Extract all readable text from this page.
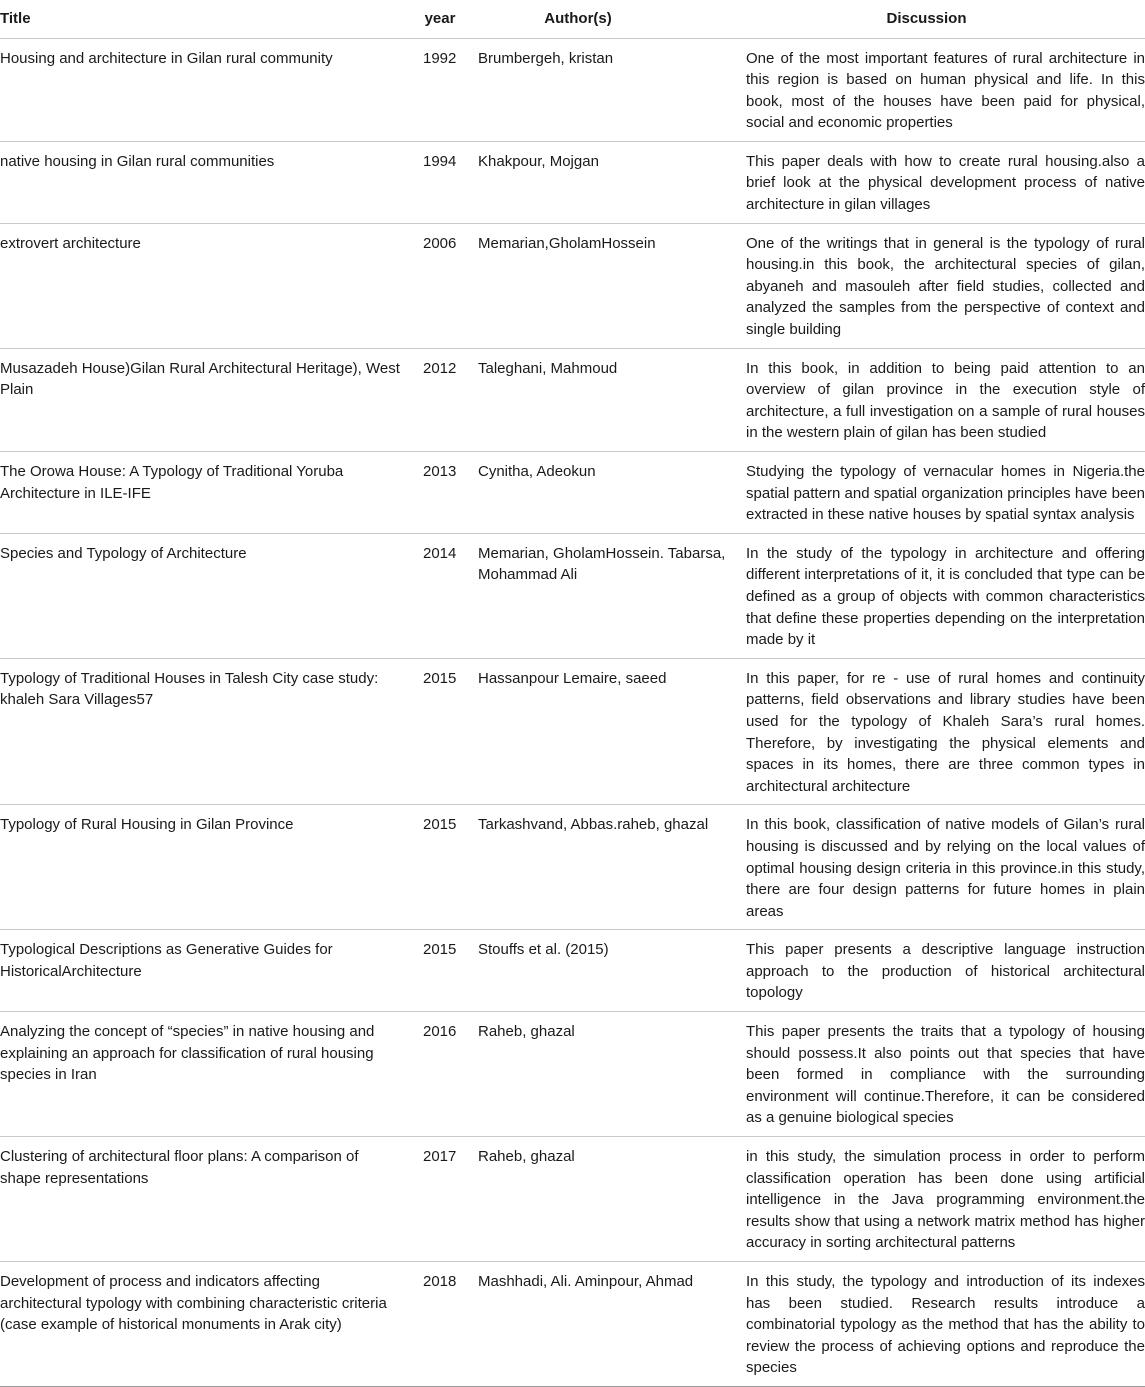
Title	year	Author(s)	Discussion
Housing and architecture in Gilan rural community	1992	Brumbergeh, kristan	One of the most important features of rural architecture in this region is based on human physical and life. In this book, most of the houses have been paid for physical, social and economic properties
native housing in Gilan rural communities	1994	Khakpour, Mojgan	This paper deals with how to create rural housing.also a brief look at the physical development process of native architecture in gilan villages
extrovert architecture	2006	Memarian,GholamHossein	One of the writings that in general is the typology of rural housing.in this book, the architectural species of gilan, abyaneh and masouleh after field studies, collected and analyzed the samples from the perspective of context and single building
Musazadeh House)Gilan Rural Architectural Heritage), West Plain	2012	Taleghani, Mahmoud	In this book, in addition to being paid attention to an overview of gilan province in the execution style of architecture, a full investigation on a sample of rural houses in the western plain of gilan has been studied
The Orowa House: A Typology of Traditional Yoruba Architecture in ILE-IFE	2013	Cynitha, Adeokun	Studying the typology of vernacular homes in Nigeria.the spatial pattern and spatial organization principles have been extracted in these native houses by spatial syntax analysis
Species and Typology of Architecture	2014	Memarian, GholamHossein. Tabarsa, Mohammad Ali	In the study of the typology in architecture and offering different interpretations of it, it is concluded that type can be defined as a group of objects with common characteristics that define these properties depending on the interpretation made by it
Typology of Traditional Houses in Talesh City case study: khaleh Sara Villages57	2015	Hassanpour Lemaire, saeed	In this paper, for re - use of rural homes and continuity patterns, field observations and library studies have been used for the typology of Khaleh Sara’s rural homes. Therefore, by investigating the physical elements and spaces in its homes, there are three common types in architectural architecture
Typology of Rural Housing in Gilan Province	2015	Tarkashvand, Abbas.raheb, ghazal	In this book, classification of native models of Gilan’s rural housing is discussed and by relying on the local values of optimal housing design criteria in this province.in this study, there are four design patterns for future homes in plain areas
Typological Descriptions as Generative Guides for HistoricalArchitecture	2015	Stouffs et al. (2015)	This paper presents a descriptive language instruction approach to the production of historical architectural topology
Analyzing the concept of “species” in native housing and explaining an approach for classification of rural housing species in Iran	2016	Raheb, ghazal	This paper presents the traits that a typology of housing should possess.It also points out that species that have been formed in compliance with the surrounding environment will continue.Therefore, it can be considered as a genuine biological species
Clustering of architectural floor plans: A comparison of shape representations	2017	Raheb, ghazal	in this study, the simulation process in order to perform classification operation has been done using artificial intelligence in the Java programming environment.the results show that using a network matrix method has higher accuracy in sorting architectural patterns
Development of process and indicators affecting architectural typology with combining characteristic criteria (case example of historical monuments in Arak city)	2018	Mashhadi, Ali. Aminpour, Ahmad	In this study, the typology and introduction of its indexes has been studied. Research results introduce a combinatorial typology as the method that has the ability to review the process of achieving options and reproduce the species
